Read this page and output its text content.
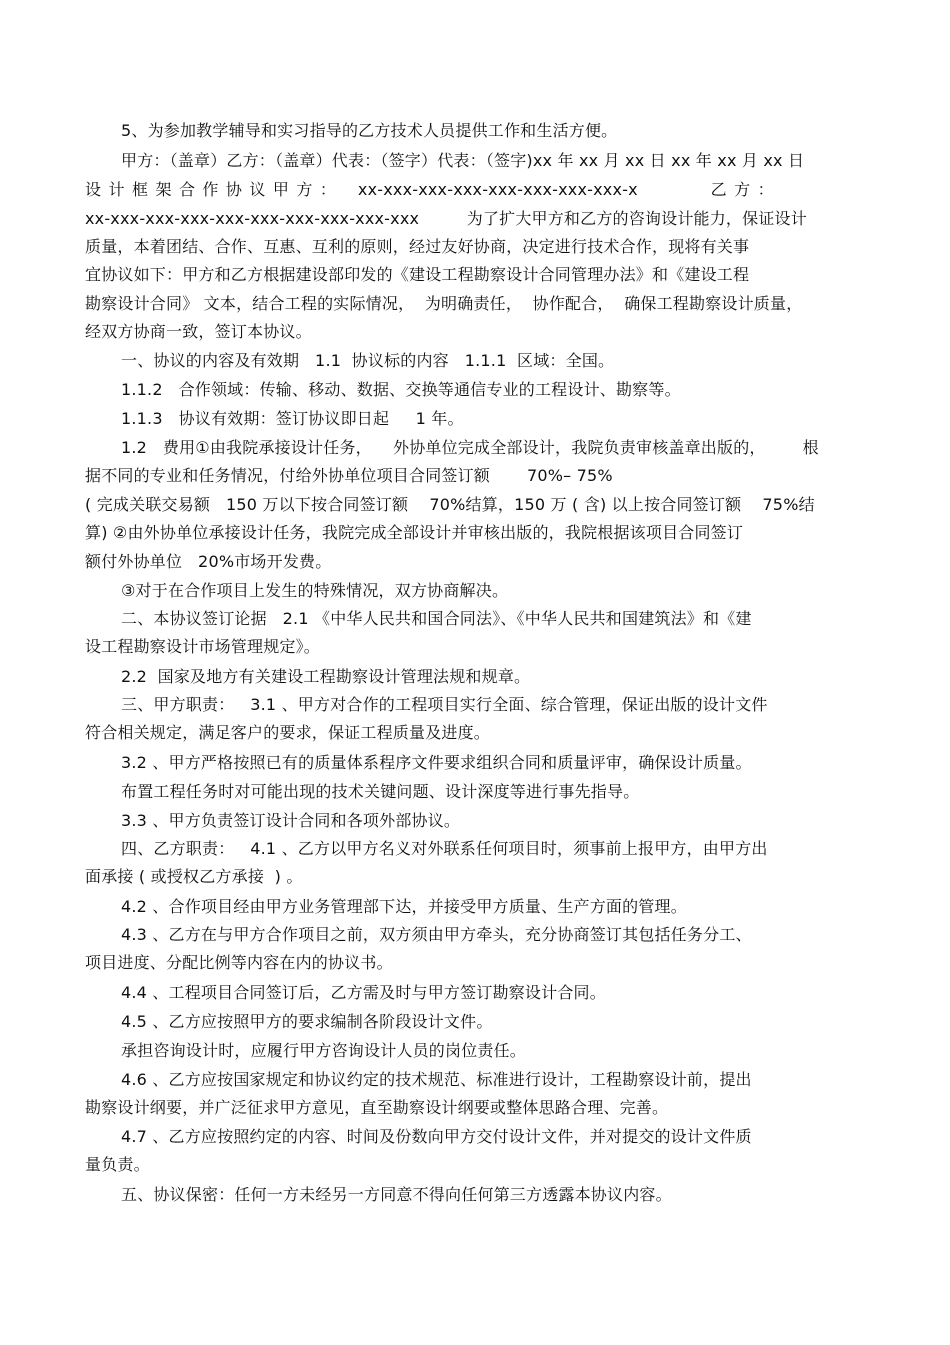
5、为参加教学辅导和实习指导的乙方技术人员提供工作和生活方便。
甲方：（盖章）乙方：（盖章）代表：（签字）代表：（签字)xx 年 xx 月 xx 日 xx 年 xx 月 xx 日
设 计 框 架 合 作 协 议 甲 方 ：   xx-xxx-xxx-xxx-xxx-xxx-xxx-xxx-x          乙 方 ：
xx-xxx-xxx-xxx-xxx-xxx-xxx-xxx-xxx-xxx         为了扩大甲方和乙方的咨询设计能力，保证设计
质量，本着团结、合作、互惠、互利的原则，经过友好协商，决定进行技术合作，现将有关事
宜协议如下：甲方和乙方根据建设部印发的《建设工程勘察设计合同管理办法》和《建设工程
勘察设计合同》 文本，结合工程的实际情况，  为明确责任，  协作配合，  确保工程勘察设计质量，
经双方协商一致，签订本协议。
一、协议的内容及有效期   1.1  协议标的内容   1.1.1  区域：全国。
1.1.2   合作领域：传输、移动、数据、交换等通信专业的工程设计、勘察等。
1.1.3   协议有效期：签订协议即日起     1 年。
1.2   费用①由我院承接设计任务，    外协单位完成全部设计，我院负责审核盖章出版的，       根
据不同的专业和任务情况，付给外协单位项目合同签订额       70%– 75%
( 完成关联交易额   150 万以下按合同签订额    70%结算，150 万 ( 含) 以上按合同签订额    75%结
算) ②由外协单位承接设计任务，我院完成全部设计并审核出版的，我院根据该项目合同签订
额付外协单位   20%市场开发费。
③对于在合作项目上发生的特殊情况，双方协商解决。
二、本协议签订论据   2.1 《中华人民共和国合同法》、《中华人民共和国建筑法》和《建
设工程勘察设计市场管理规定》。
2.2  国家及地方有关建设工程勘察设计管理法规和规章。
三、甲方职责：   3.1 、甲方对合作的工程项目实行全面、综合管理，保证出版的设计文件
符合相关规定，满足客户的要求，保证工程质量及进度。
3.2 、甲方严格按照已有的质量体系程序文件要求组织合同和质量评审，确保设计质量。
布置工程任务时对可能出现的技术关键问题、设计深度等进行事先指导。
3.3 、甲方负责签订设计合同和各项外部协议。
四、乙方职责：   4.1 、乙方以甲方名义对外联系任何项目时，须事前上报甲方，由甲方出
面承接 ( 或授权乙方承接  ) 。
4.2 、合作项目经由甲方业务管理部下达，并接受甲方质量、生产方面的管理。
4.3 、乙方在与甲方合作项目之前，双方须由甲方牵头，充分协商签订其包括任务分工、
项目进度、分配比例等内容在内的协议书。
4.4 、工程项目合同签订后，乙方需及时与甲方签订勘察设计合同。
4.5 、乙方应按照甲方的要求编制各阶段设计文件。
承担咨询设计时，应履行甲方咨询设计人员的岗位责任。
4.6 、乙方应按国家规定和协议约定的技术规范、标准进行设计，工程勘察设计前，提出
勘察设计纲要，并广泛征求甲方意见，直至勘察设计纲要或整体思路合理、完善。
4.7 、乙方应按照约定的内容、时间及份数向甲方交付设计文件，并对提交的设计文件质
量负责。
五、协议保密：任何一方未经另一方同意不得向任何第三方透露本协议内容。
